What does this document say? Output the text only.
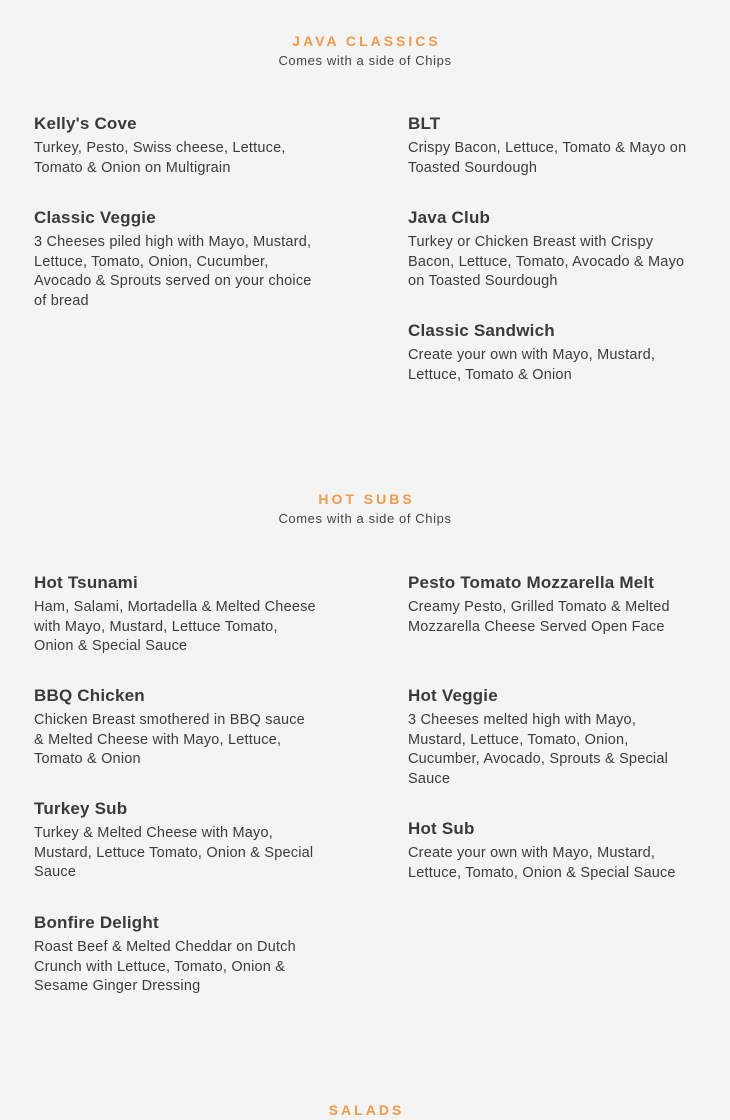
JAVA CLASSICS

Comes with a side of Chips

Kelly's Cove

Turkey, Pesto, Swiss cheese, Lettuce, Tomato & Onion on Multigrain

BLT

Crispy Bacon, Lettuce, Tomato & Mayo on Toasted Sourdough

Classic Veggie

3 Cheeses piled high with Mayo, Mustard, Lettuce, Tomato, Onion, Cucumber, Avocado & Sprouts served on your choice of bread

Java Club

Turkey or Chicken Breast with Crispy Bacon, Lettuce, Tomato, Avocado & Mayo on Toasted Sourdough

Classic Sandwich

Create your own with Mayo, Mustard, Lettuce, Tomato & Onion

HOT SUBS

Comes with a side of Chips

Hot Tsunami

Ham, Salami, Mortadella & Melted Cheese with Mayo, Mustard, Lettuce Tomato, Onion & Special Sauce

Pesto Tomato Mozzarella Melt

Creamy Pesto, Grilled Tomato & Melted Mozzarella Cheese Served Open Face

BBQ Chicken

Chicken Breast smothered in BBQ sauce & Melted Cheese with Mayo, Lettuce, Tomato & Onion

Hot Veggie

3 Cheeses melted high with Mayo, Mustard, Lettuce, Tomato, Onion, Cucumber, Avocado, Sprouts & Special Sauce

Turkey Sub

Turkey & Melted Cheese with Mayo, Mustard, Lettuce Tomato, Onion & Special Sauce

Hot Sub

Create your own with Mayo, Mustard, Lettuce, Tomato, Onion & Special Sauce

Bonfire Delight

Roast Beef & Melted Cheddar on Dutch Crunch with Lettuce, Tomato, Onion & Sesame Ginger Dressing

SALADS
